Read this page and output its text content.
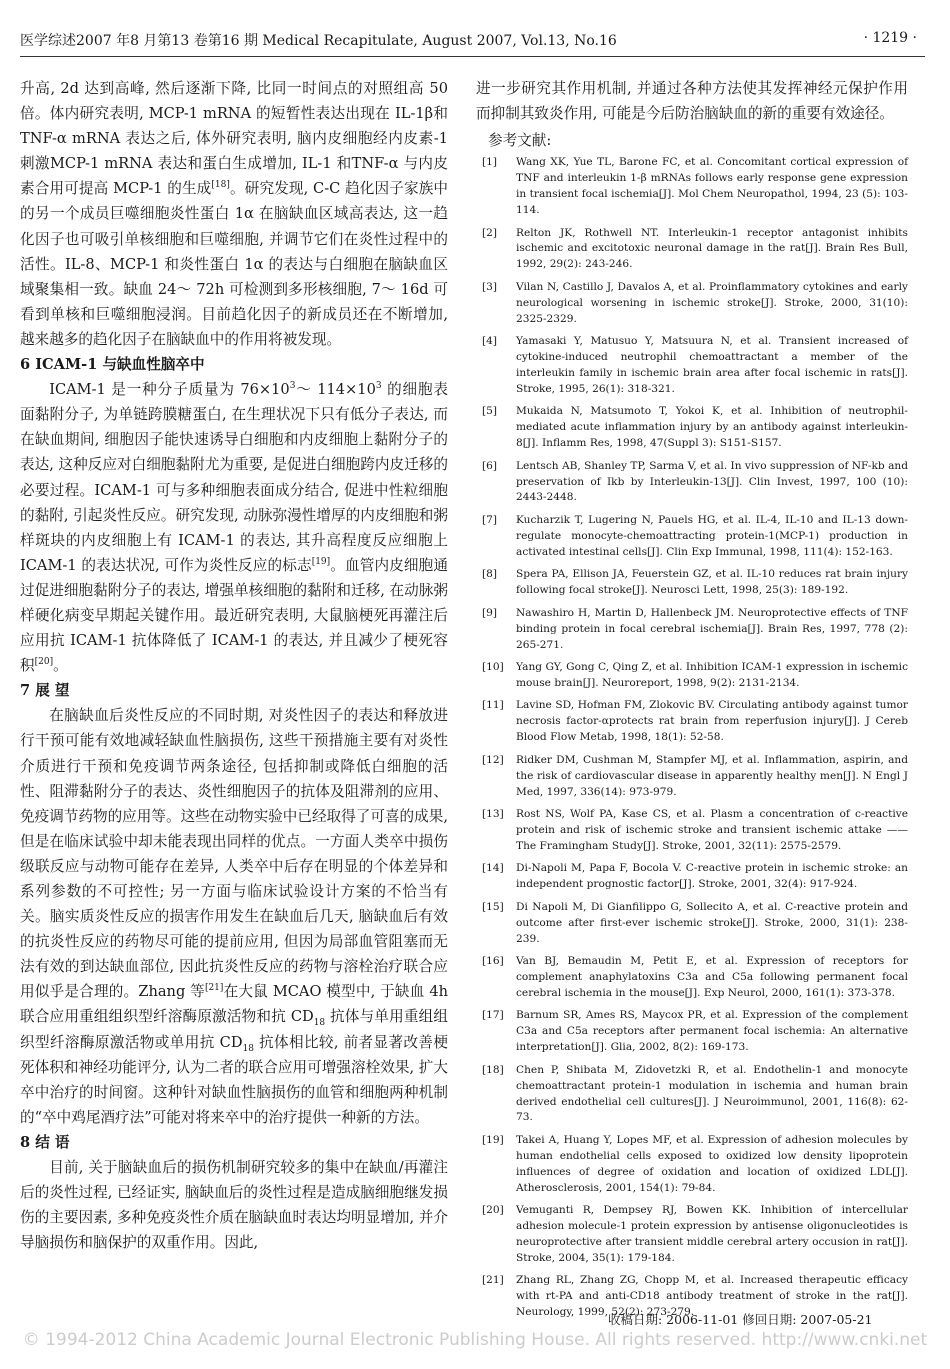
医学综述2007 年8 月第13 卷第16 期 Medical Recapitulate, August 2007, Vol.13, No.16	· 1219 ·

升高, 2d 达到高峰, 然后逐渐下降, 比同一时间点的对照组高 50 倍。体内研究表明, MCP-1 mRNA 的短暂性表达出现在 IL-1β和TNF-α mRNA 表达之后, 体外研究表明, 脑内皮细胞经内皮素-1 刺激MCP-1 mRNA 表达和蛋白生成增加, IL-1 和TNF-α 与内皮素合用可提高 MCP-1 的生成[18]。研究发现, C-C 趋化因子家族中的另一个成员巨噬细胞炎性蛋白 1α 在脑缺血区域高表达, 这一趋化因子也可吸引单核细胞和巨噬细胞, 并调节它们在炎性过程中的活性。IL-8、MCP-1 和炎性蛋白 1α 的表达与白细胞在脑缺血区域聚集相一致。缺血 24～ 72h 可检测到多形核细胞, 7～ 16d 可看到单核和巨噬细胞浸润。目前趋化因子的新成员还在不断增加, 越来越多的趋化因子在脑缺血中的作用将被发现。

6 ICAM-1 与缺血性脑卒中

ICAM-1 是一种分子质量为 $76\times 10^3\sim$ $114\times 10^3$ 的细胞表面黏附分子, 为单链跨膜糖蛋白, 在生理状况下只有低分子表达, 而在缺血期间, 细胞因子能快速诱导白细胞和内皮细胞上黏附分子的表达, 这种反应对白细胞黏附尤为重要, 是促进白细胞跨内皮迁移的必要过程。ICAM-1 可与多种细胞表面成分结合, 促进中性粒细胞的黏附, 引起炎性反应。研究发现, 动脉弥漫性增厚的内皮细胞和粥样斑块的内皮细胞上有 ICAM-1 的表达, 其升高程度反应细胞上 ICAM-1 的表达状况, 可作为炎性反应的标志[19]。血管内皮细胞通过促进细胞黏附分子的表达, 增强单核细胞的黏附和迁移, 在动脉粥样硬化病变早期起关键作用。最近研究表明, 大鼠脑梗死再灌注后应用抗 ICAM-1 抗体降低了 ICAM-1 的表达, 并且减少了梗死容积[20]。

7 展 望

在脑缺血后炎性反应的不同时期, 对炎性因子的表达和释放进行干预可能有效地减轻缺血性脑损伤, 这些干预措施主要有对炎性介质进行干预和免疫调节两条途径, 包括抑制或降低白细胞的活性、阻滞黏附分子的表达、炎性细胞因子的抗体及阻滞剂的应用、免疫调节药物的应用等。这些在动物实验中已经取得了可喜的成果, 但是在临床试验中却未能表现出同样的优点。一方面人类卒中损伤级联反应与动物可能存在差异, 人类卒中后存在明显的个体差异和系列参数的不可控性; 另一方面与临床试验设计方案的不恰当有关。脑实质炎性反应的损害作用发生在缺血后几天, 脑缺血后有效的抗炎性反应的药物尽可能的提前应用, 但因为局部血管阻塞而无法有效的到达缺血部位, 因此抗炎性反应的药物与溶栓治疗联合应用似乎是合理的。Zhang 等[21]在大鼠 MCAO 模型中, 于缺血 4h 联合应用重组组织型纤溶酶原激活物和抗 $CD_{18}$ 抗体与单用重组组织型纤溶酶原激活物或单用抗 $CD_{18}$ 抗体相比较, 前者显著改善梗死体积和神经功能评分, 认为二者的联合应用可增强溶栓效果, 扩大卒中治疗的时间窗。这种针对缺血性脑损伤的血管和细胞两种机制的“卒中鸡尾酒疗法”可能对将来卒中的治疗提供一种新的方法。

8 结 语

目前, 关于脑缺血后的损伤机制研究较多的集中在缺血/再灌注后的炎性过程, 已经证实, 脑缺血后的炎性过程是造成脑细胞继发损伤的主要因素, 多种免疫炎性介质在脑缺血时表达均明显增加, 并介导脑损伤和脑保护的双重作用。因此,

进一步研究其作用机制, 并通过各种方法使其发挥神经元保护作用而抑制其致炎作用, 可能是今后防治脑缺血的新的重要有效途径。

参考文献:

[1]	Wang XK, Yue TL, Barone FC, et al. Concomitant cortical expression of TNF and interleukin 1-β mRNAs follows early response gene expression in transient focal ischemia[J]. Mol Chem Neuropathol, 1994, 23 (5): 103-114.
[2]	Relton JK, Rothwell NT. Interleukin-1 receptor antagonist inhibits ischemic and excitotoxic neuronal damage in the rat[J]. Brain Res Bull, 1992, 29(2): 243-246.
[3]	Vilan N, Castillo J, Davalos A, et al. Proinflammatory cytokines and early neurological worsening in ischemic stroke[J]. Stroke, 2000, 31(10): 2325-2329.
[4]	Yamasaki Y, Matusuo Y, Matsuura N, et al. Transient increased of cytokine-induced neutrophil chemoattractant a member of the interleukin family in ischemic brain area after focal ischemic in rats[J]. Stroke, 1995, 26(1): 318-321.
[5]	Mukaida N, Matsumoto T, Yokoi K, et al. Inhibition of neutrophil-mediated acute inflammation injury by an antibody against interleukin-8[J]. Inflamm Res, 1998, 47(Suppl 3): S151-S157.
[6]	Lentsch AB, Shanley TP, Sarma V, et al. In vivo suppression of NF-kb and preservation of Ikb by Interleukin-13[J]. Clin Invest, 1997, 100 (10): 2443-2448.
[7]	Kucharzik T, Lugering N, Pauels HG, et al. IL-4, IL-10 and IL-13 down-regulate monocyte-chemoattracting protein-1(MCP-1) production in activated intestinal cells[J]. Clin Exp Immunal, 1998, 111(4): 152-163.
[8]	Spera PA, Ellison JA, Feuerstein GZ, et al. IL-10 reduces rat brain injury following focal stroke[J]. Neurosci Lett, 1998, 25(3): 189-192.
[9]	Nawashiro H, Martin D, Hallenbeck JM. Neuroprotective effects of TNF binding protein in focal cerebral ischemia[J]. Brain Res, 1997, 778 (2): 265-271.
[10]	Yang GY, Gong C, Qing Z, et al. Inhibition ICAM-1 expression in ischemic mouse brain[J]. Neuroreport, 1998, 9(2): 2131-2134.
[11]	Lavine SD, Hofman FM, Zlokovic BV. Circulating antibody against tumor necrosis factor-αprotects rat brain from reperfusion injury[J]. J Cereb Blood Flow Metab, 1998, 18(1): 52-58.
[12]	Ridker DM, Cushman M, Stampfer MJ, et al. Inflammation, aspirin, and the risk of cardiovascular disease in apparently healthy men[J]. N Engl J Med, 1997, 336(14): 973-979.
[13]	Rost NS, Wolf PA, Kase CS, et al. Plasm a concentration of c-reactive protein and risk of ischemic stroke and transient ischemic attake —— The Framingham Study[J]. Stroke, 2001, 32(11): 2575-2579.
[14]	Di-Napoli M, Papa F, Bocola V. C-reactive protein in ischemic stroke: an independent prognostic factor[J]. Stroke, 2001, 32(4): 917-924.
[15]	Di Napoli M, Di Gianfilippo G, Sollecito A, et al. C-reactive protein and outcome after first-ever ischemic stroke[J]. Stroke, 2000, 31(1): 238-239.
[16]	Van BJ, Bemaudin M, Petit E, et al. Expression of receptors for complement anaphylatoxins C3a and C5a following permanent focal cerebral ischemia in the mouse[J]. Exp Neurol, 2000, 161(1): 373-378.
[17]	Barnum SR, Ames RS, Maycox PR, et al. Expression of the complement C3a and C5a receptors after permanent focal ischemia: An alternative interpretation[J]. Glia, 2002, 8(2): 169-173.
[18]	Chen P, Shibata M, Zidovetzki R, et al. Endothelin-1 and monocyte chemoattractant protein-1 modulation in ischemia and human brain derived endothelial cell cultures[J]. J Neuroimmunol, 2001, 116(8): 62-73.
[19]	Takei A, Huang Y, Lopes MF, et al. Expression of adhesion molecules by human endothelial cells exposed to oxidized low density lipoprotein influences of degree of oxidation and location of oxidized LDL[J]. Atherosclerosis, 2001, 154(1): 79-84.
[20]	Vemuganti R, Dempsey RJ, Bowen KK. Inhibition of intercellular adhesion molecule-1 protein expression by antisense oligonucleotides is neuroprotective after transient middle cerebral artery occusion in rat[J]. Stroke, 2004, 35(1): 179-184.
[21]	Zhang RL, Zhang ZG, Chopp M, et al. Increased therapeutic efficacy with rt-PA and anti-CD18 antibody treatment of stroke in the rat[J]. Neurology, 1999, 52(2): 273-279.
收稿日期: 2006-11-01 修回日期: 2007-05-21
© 1994-2012 China Academic Journal Electronic Publishing House. All rights reserved. http://www.cnki.net
